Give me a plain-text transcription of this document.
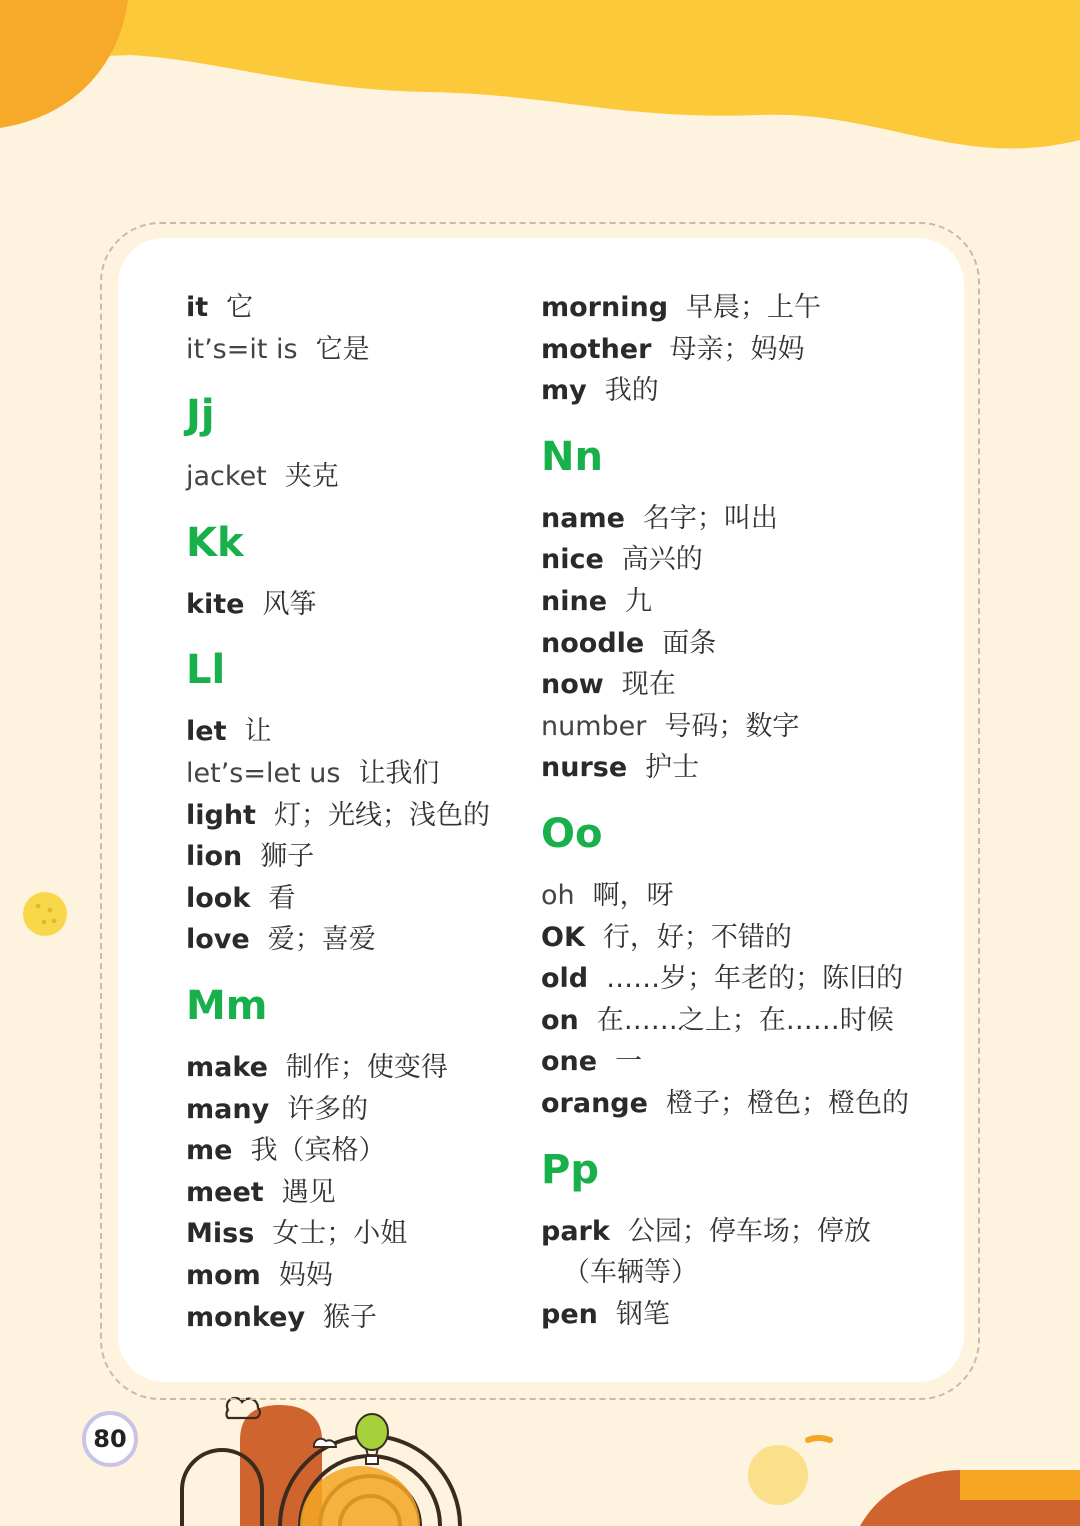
it 它
it’s=it is 它是
Jj
jacket 夹克
Kk
kite 风筝
Ll
let 让
let’s=let us 让我们
light 灯；光线；浅色的
lion 狮子
look 看
love 爱；喜爱
Mm
make 制作；使变得
many 许多的
me 我（宾格）
meet 遇见
Miss 女士；小姐
mom 妈妈
monkey 猴子
morning 早晨；上午
mother 母亲；妈妈
my 我的
Nn
name 名字；叫出
nice 高兴的
nine 九
noodle 面条
now 现在
number 号码；数字
nurse 护士
Oo
oh 啊，呀
OK 行，好；不错的
old ……岁；年老的；陈旧的
on 在……之上；在……时候
one 一
orange 橙子；橙色；橙色的
Pp
park 公园；停车场；停放
（车辆等）
pen 钢笔
80
